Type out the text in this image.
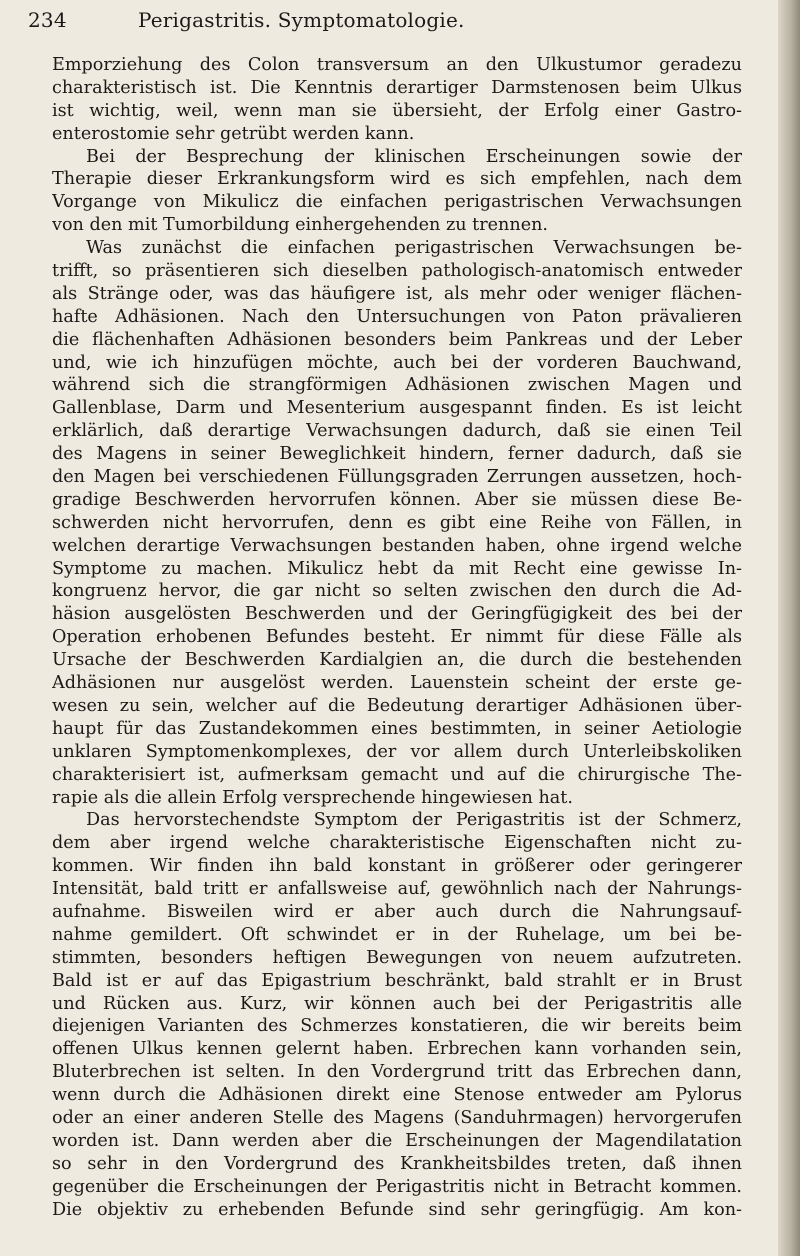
234	Perigastritis. Symptomatologie.
Emporziehung des Colon transversum an den Ulkustumor geradezu
charakteristisch ist. Die Kenntnis derartiger Darmstenosen beim Ulkus
ist wichtig, weil, wenn man sie übersieht, der Erfolg einer Gastro-
enterostomie sehr getrübt werden kann.
Bei der Besprechung der klinischen Erscheinungen sowie der
Therapie dieser Erkrankungsform wird es sich empfehlen, nach dem
Vorgange von Mikulicz die einfachen perigastrischen Verwachsungen
von den mit Tumorbildung einhergehenden zu trennen.
Was zunächst die einfachen perigastrischen Verwachsungen be-
trifft, so präsentieren sich dieselben pathologisch-anatomisch entweder
als Stränge oder, was das häufigere ist, als mehr oder weniger flächen-
hafte Adhäsionen. Nach den Untersuchungen von Paton prävalieren
die flächenhaften Adhäsionen besonders beim Pankreas und der Leber
und, wie ich hinzufügen möchte, auch bei der vorderen Bauchwand,
während sich die strangförmigen Adhäsionen zwischen Magen und
Gallenblase, Darm und Mesenterium ausgespannt finden. Es ist leicht
erklärlich, daß derartige Verwachsungen dadurch, daß sie einen Teil
des Magens in seiner Beweglichkeit hindern, ferner dadurch, daß sie
den Magen bei verschiedenen Füllungsgraden Zerrungen aussetzen, hoch-
gradige Beschwerden hervorrufen können. Aber sie müssen diese Be-
schwerden nicht hervorrufen, denn es gibt eine Reihe von Fällen, in
welchen derartige Verwachsungen bestanden haben, ohne irgend welche
Symptome zu machen. Mikulicz hebt da mit Recht eine gewisse In-
kongruenz hervor, die gar nicht so selten zwischen den durch die Ad-
häsion ausgelösten Beschwerden und der Geringfügigkeit des bei der
Operation erhobenen Befundes besteht. Er nimmt für diese Fälle als
Ursache der Beschwerden Kardialgien an, die durch die bestehenden
Adhäsionen nur ausgelöst werden. Lauenstein scheint der erste ge-
wesen zu sein, welcher auf die Bedeutung derartiger Adhäsionen über-
haupt für das Zustandekommen eines bestimmten, in seiner Aetiologie
unklaren Symptomenkomplexes, der vor allem durch Unterleibskoliken
charakterisiert ist, aufmerksam gemacht und auf die chirurgische The-
rapie als die allein Erfolg versprechende hingewiesen hat.
Das hervorstechendste Symptom der Perigastritis ist der Schmerz,
dem aber irgend welche charakteristische Eigenschaften nicht zu-
kommen. Wir finden ihn bald konstant in größerer oder geringerer
Intensität, bald tritt er anfallsweise auf, gewöhnlich nach der Nahrungs-
aufnahme. Bisweilen wird er aber auch durch die Nahrungsauf-
nahme gemildert. Oft schwindet er in der Ruhelage, um bei be-
stimmten, besonders heftigen Bewegungen von neuem aufzutreten.
Bald ist er auf das Epigastrium beschränkt, bald strahlt er in Brust
und Rücken aus. Kurz, wir können auch bei der Perigastritis alle
diejenigen Varianten des Schmerzes konstatieren, die wir bereits beim
offenen Ulkus kennen gelernt haben. Erbrechen kann vorhanden sein,
Bluterbrechen ist selten. In den Vordergrund tritt das Erbrechen dann,
wenn durch die Adhäsionen direkt eine Stenose entweder am Pylorus
oder an einer anderen Stelle des Magens (Sanduhrmagen) hervorgerufen
worden ist. Dann werden aber die Erscheinungen der Magendilatation
so sehr in den Vordergrund des Krankheitsbildes treten, daß ihnen
gegenüber die Erscheinungen der Perigastritis nicht in Betracht kommen.
Die objektiv zu erhebenden Befunde sind sehr geringfügig. Am kon-
